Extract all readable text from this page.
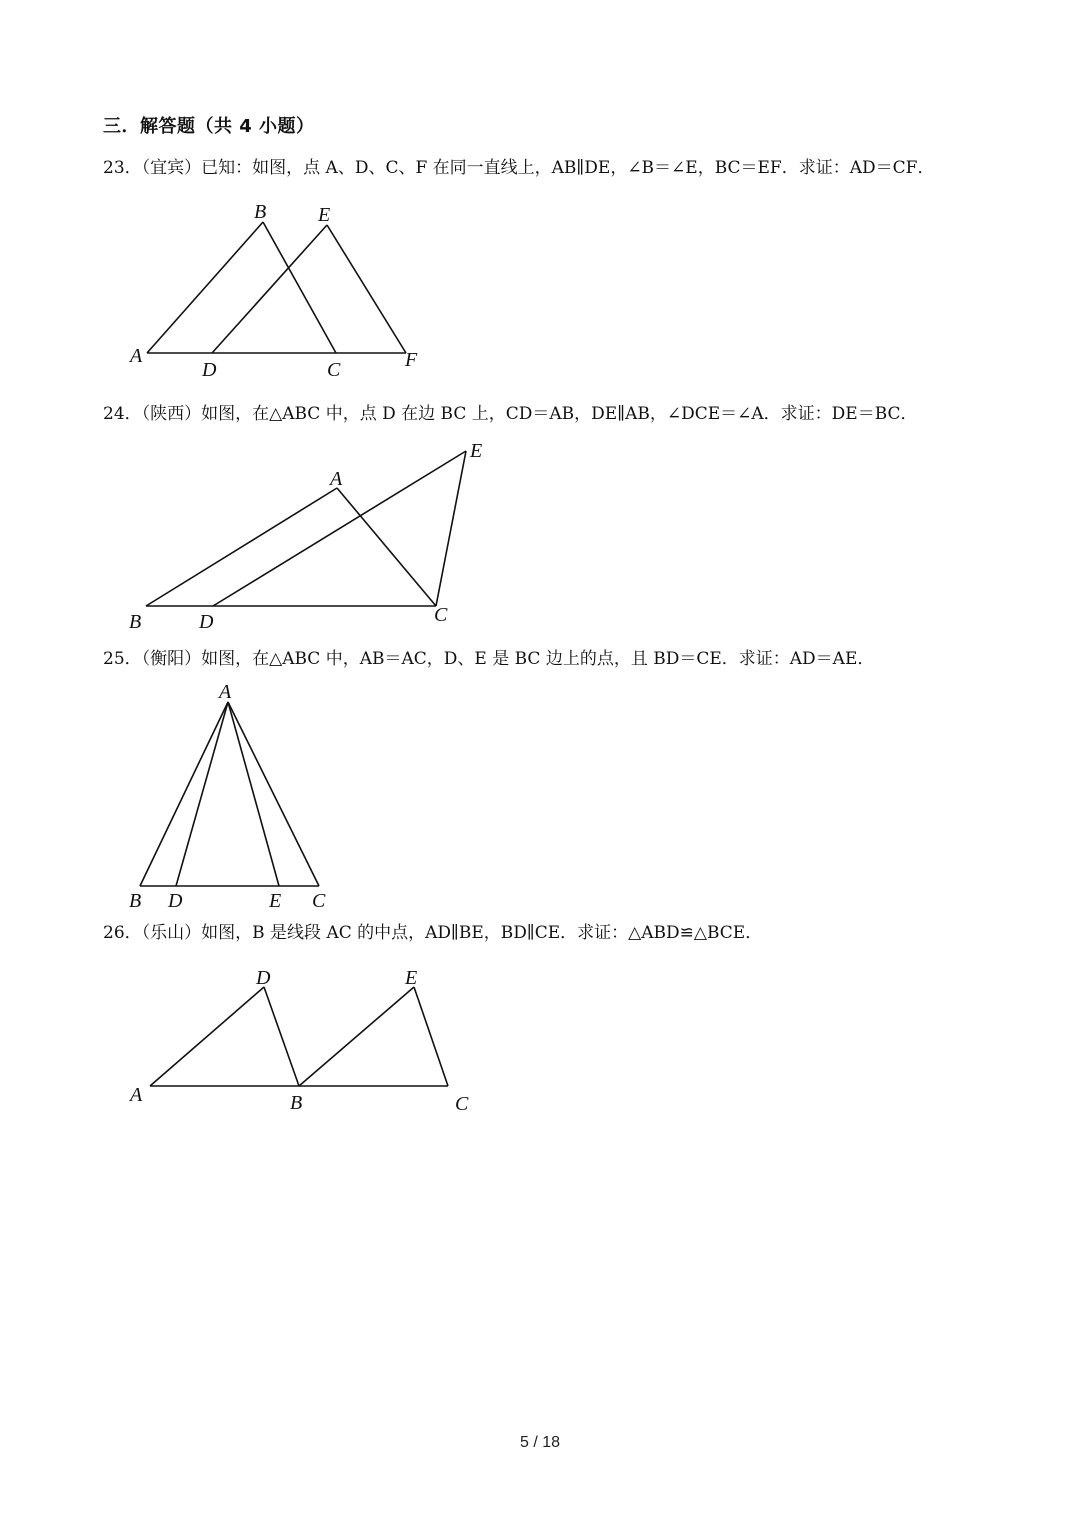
三．解答题（共 4 小题）
23．（宜宾）已知：如图，点 A、D、C、F 在同一直线上，AB∥DE，∠B＝∠E，BC＝EF．求证：AD＝CF．
B	E
A
D	C	F
A
E
B	D	C
A
B D	E C
D	E
A	B	C
24．（陕西）如图，在△ABC 中，点 D 在边 BC 上，CD＝AB，DE∥AB，∠DCE＝∠A．求证：DE＝BC．
25．（衡阳）如图，在△ABC 中，AB＝AC，D、E 是 BC 边上的点，且 BD＝CE．求证：AD＝AE．
26．（乐山）如图，B 是线段 AC 的中点，AD∥BE，BD∥CE．求证：△ABD≌△BCE．
5 / 18
